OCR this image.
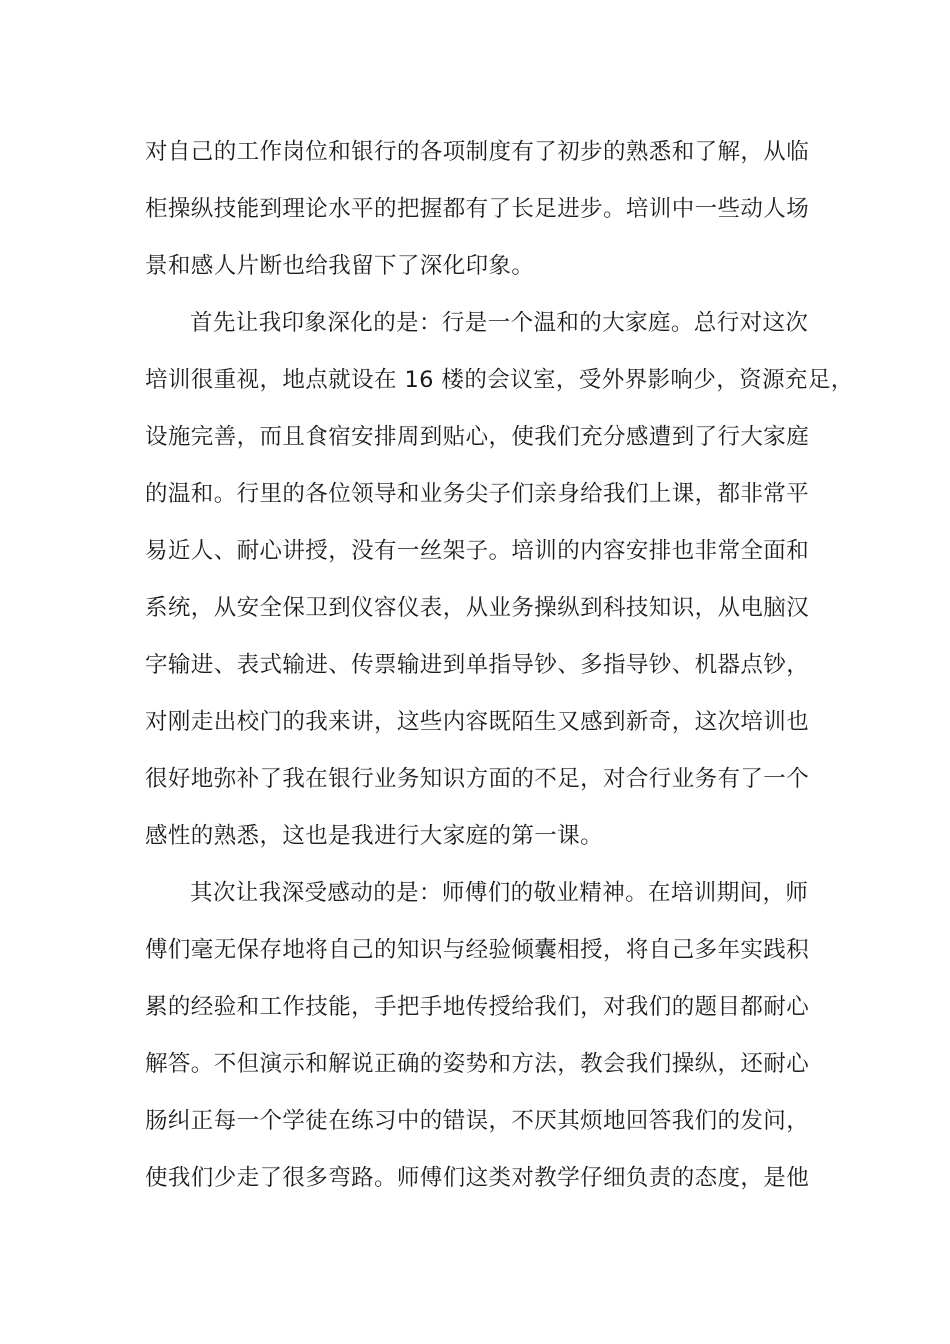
对自己的工作岗位和银行的各项制度有了初步的熟悉和了解，从临
柜操纵技能到理论水平的把握都有了长足进步。培训中一些动人场
景和感人片断也给我留下了深化印象。
首先让我印象深化的是：行是一个温和的大家庭。总行对这次
培训很重视，地点就设在 16 楼的会议室，受外界影响少，资源充足，
设施完善，而且食宿安排周到贴心，使我们充分感遭到了行大家庭
的温和。行里的各位领导和业务尖子们亲身给我们上课，都非常平
易近人、耐心讲授，没有一丝架子。培训的内容安排也非常全面和
系统，从安全保卫到仪容仪表，从业务操纵到科技知识，从电脑汉
字输进、表式输进、传票输进到单指导钞、多指导钞、机器点钞，
对刚走出校门的我来讲，这些内容既陌生又感到新奇，这次培训也
很好地弥补了我在银行业务知识方面的不足，对合行业务有了一个
感性的熟悉，这也是我进行大家庭的第一课。
其次让我深受感动的是：师傅们的敬业精神。在培训期间，师
傅们毫无保存地将自己的知识与经验倾囊相授，将自己多年实践积
累的经验和工作技能，手把手地传授给我们，对我们的题目都耐心
解答。不但演示和解说正确的姿势和方法，教会我们操纵，还耐心
肠纠正每一个学徒在练习中的错误，不厌其烦地回答我们的发问，
使我们少走了很多弯路。师傅们这类对教学仔细负责的态度，是他
